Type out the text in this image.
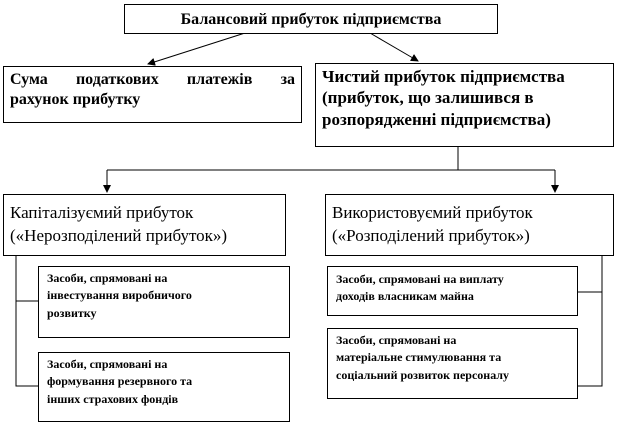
Балансовий прибуток підприємства
Сума податкових платежів за
рахунок прибутку
Чистий прибуток підприємства
(прибуток, що залишився в
розпорядженні підприємства)
Капіталізуємий прибуток
(«Нерозподілений прибуток»)
Використовуємий прибуток
(«Розподілений прибуток»)
Засоби, спрямовані на
інвестування виробничого
розвитку
Засоби, спрямовані на
формування резервного та
інших страхових фондів
Засоби, спрямовані на виплату
доходів власникам майна
Засоби, спрямовані на
матеріальне стимулювання та
соціальний розвиток персоналу
